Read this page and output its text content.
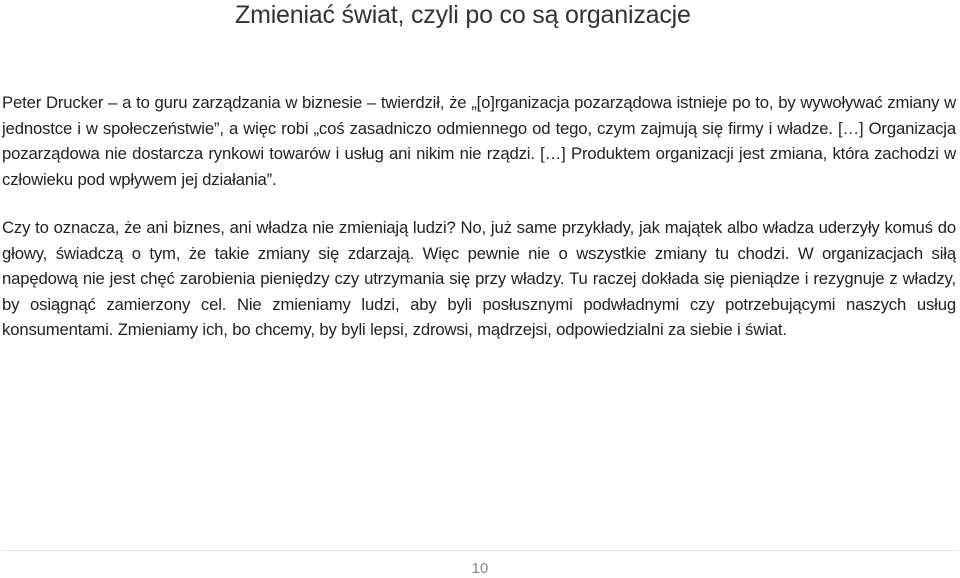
Zmieniać świat, czyli po co są organizacje

Peter Drucker – a to guru zarządzania w biznesie – twierdził, że „[o]rganizacja pozarządowa istnieje po to, by wywoływać zmiany w jednostce i w społeczeństwie”, a więc robi „coś zasadniczo odmiennego od tego, czym zajmują się firmy i władze. […] Organizacja pozarządowa nie dostarcza rynkowi towarów i usług ani nikim nie rządzi. […] Produktem organizacji jest zmiana, która zachodzi w człowieku pod wpływem jej działania”.

Czy to oznacza, że ani biznes, ani władza nie zmieniają ludzi? No, już same przykłady, jak majątek albo władza uderzyły komuś do głowy, świadczą o tym, że takie zmiany się zdarzają. Więc pewnie nie o wszystkie zmiany tu chodzi. W organizacjach siłą napędową nie jest chęć zarobienia pieniędzy czy utrzymania się przy władzy. Tu raczej dokłada się pieniądze i rezygnuje z władzy, by osiągnąć zamierzony cel. Nie zmieniamy ludzi, aby byli posłusznymi podwładnymi czy potrzebującymi naszych usług konsumentami. Zmieniamy ich, bo chcemy, by byli lepsi, zdrowsi, mądrzejsi, odpowiedzialni za siebie i świat.

10
